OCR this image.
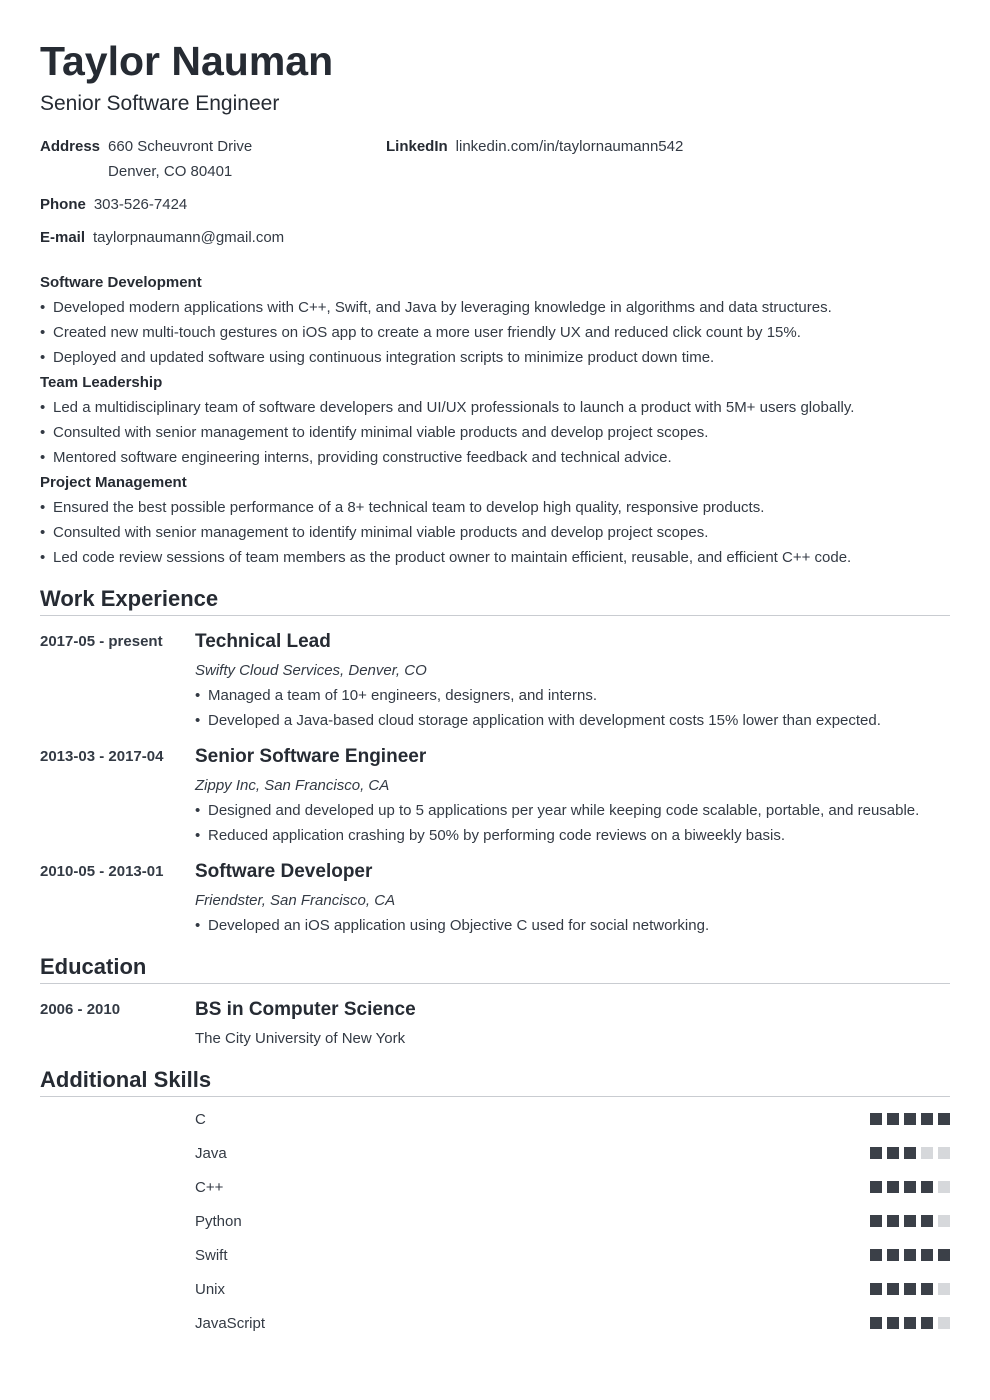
Taylor Nauman
Senior Software Engineer
Address 660 Scheuvront Drive
Denver, CO 80401
LinkedIn linkedin.com/in/taylornaumann542
Phone 303-526-7424
E-mail taylorpnaumann@gmail.com
Software Development
• Developed modern applications with C++, Swift, and Java by leveraging knowledge in algorithms and data structures.
• Created new multi-touch gestures on iOS app to create a more user friendly UX and reduced click count by 15%.
• Deployed and updated software using continuous integration scripts to minimize product down time.
Team Leadership
• Led a multidisciplinary team of software developers and UI/UX professionals to launch a product with 5M+ users globally.
• Consulted with senior management to identify minimal viable products and develop project scopes.
• Mentored software engineering interns, providing constructive feedback and technical advice.
Project Management
• Ensured the best possible performance of a 8+ technical team to develop high quality, responsive products.
• Consulted with senior management to identify minimal viable products and develop project scopes.
• Led code review sessions of team members as the product owner to maintain efficient, reusable, and efficient C++ code.
Work Experience
2017-05 - present	Technical Lead
Swifty Cloud Services, Denver, CO
• Managed a team of 10+ engineers, designers, and interns.
• Developed a Java-based cloud storage application with development costs 15% lower than expected.
2013-03 - 2017-04	Senior Software Engineer
Zippy Inc, San Francisco, CA
• Designed and developed up to 5 applications per year while keeping code scalable, portable, and reusable.
• Reduced application crashing by 50% by performing code reviews on a biweekly basis.
2010-05 - 2013-01	Software Developer
Friendster, San Francisco, CA
• Developed an iOS application using Objective C used for social networking.
Education
2006 - 2010	BS in Computer Science
The City University of New York
Additional Skills
C
Java
C++
Python
Swift
Unix
JavaScript
